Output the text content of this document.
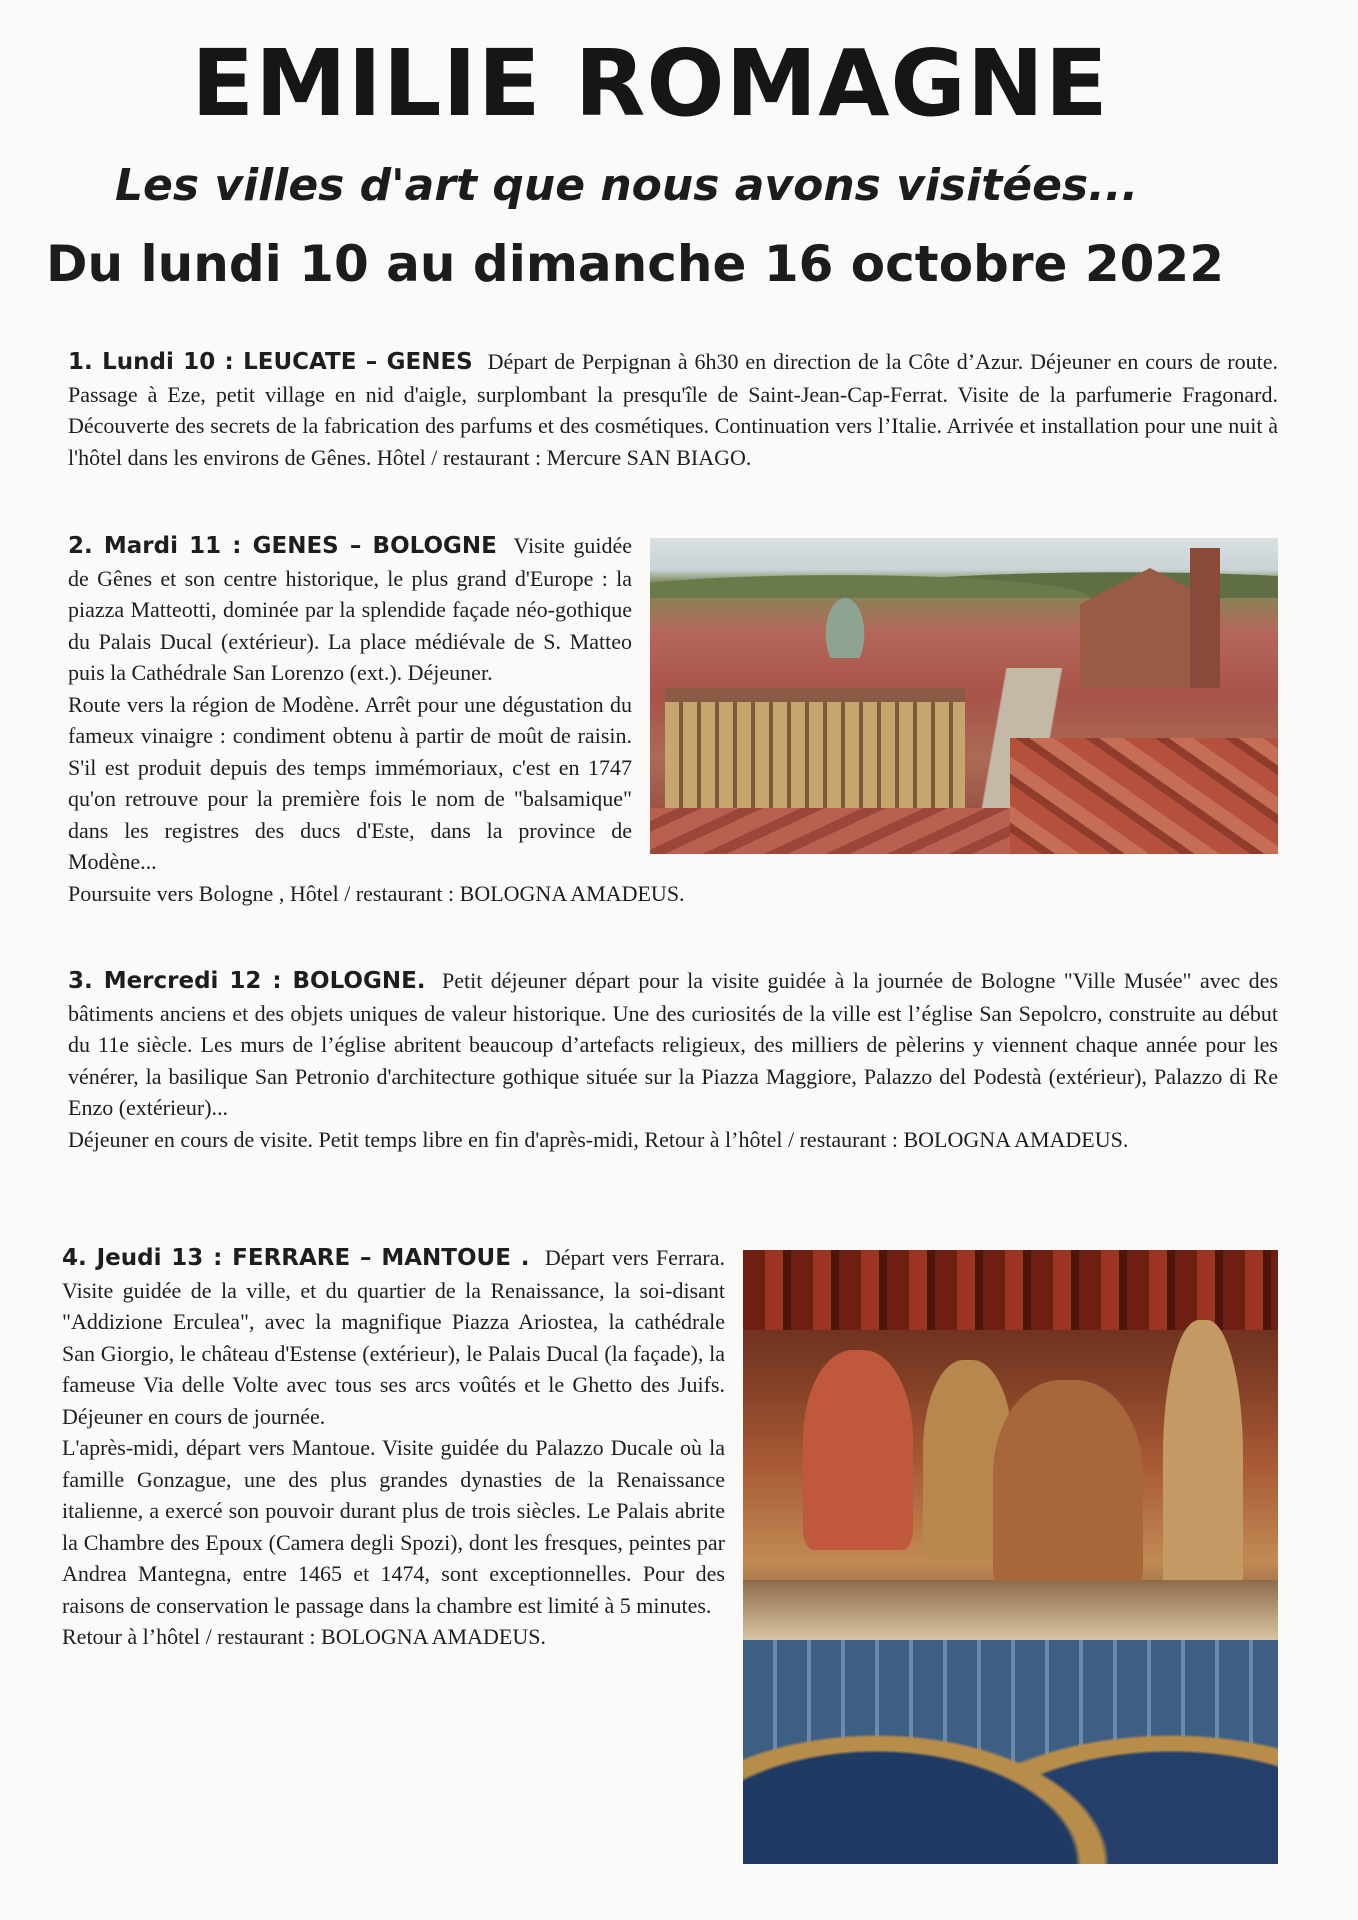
EMILIE ROMAGNE
Les villes d'art que nous avons visitées...
Du lundi 10 au dimanche 16 octobre 2022

1. Lundi 10 : LEUCATE – GENES Départ de Perpignan à 6h30 en direction de la Côte d’Azur. Déjeuner en cours de route. Passage à Eze, petit village en nid d'aigle, surplombant la presqu'île de Saint-Jean-Cap-Ferrat. Visite de la parfumerie Fragonard. Découverte des secrets de la fabrication des parfums et des cosmétiques. Continuation vers l’Italie. Arrivée et installation pour une nuit à l'hôtel dans les environs de Gênes. Hôtel / restaurant : Mercure SAN BIAGO.

2. Mardi 11 : GENES – BOLOGNE Visite guidée de Gênes et son centre historique, le plus grand d'Europe : la piazza Matteotti, dominée par la splendide façade néo-gothique du Palais Ducal (extérieur). La place médiévale de S. Matteo puis la Cathédrale San Lorenzo (ext.). Déjeuner.

Route vers la région de Modène. Arrêt pour une dégustation du fameux vinaigre : condiment obtenu à partir de moût de raisin. S'il est produit depuis des temps immémoriaux, c'est en 1747 qu'on retrouve pour la première fois le nom de "balsamique" dans les registres des ducs d'Este, dans la province de Modène...

Poursuite vers Bologne , Hôtel / restaurant : BOLOGNA AMADEUS.

3. Mercredi 12 : BOLOGNE. Petit déjeuner départ pour la visite guidée à la journée de Bologne "Ville Musée" avec des bâtiments anciens et des objets uniques de valeur historique. Une des curiosités de la ville est l’église San Sepolcro, construite au début du 11e siècle. Les murs de l’église abritent beaucoup d’artefacts religieux, des milliers de pèlerins y viennent chaque année pour les vénérer, la basilique San Petronio d'architecture gothique située sur la Piazza Maggiore, Palazzo del Podestà (extérieur), Palazzo di Re Enzo (extérieur)...

Déjeuner en cours de visite. Petit temps libre en fin d'après-midi, Retour à l’hôtel / restaurant : BOLOGNA AMADEUS.

4. Jeudi 13 : FERRARE – MANTOUE . Départ vers Ferrara. Visite guidée de la ville, et du quartier de la Renaissance, la soi-disant "Addizione Erculea", avec la magnifique Piazza Ariostea, la cathédrale San Giorgio, le château d'Estense (extérieur), le Palais Ducal (la façade), la fameuse Via delle Volte avec tous ses arcs voûtés et le Ghetto des Juifs. Déjeuner en cours de journée.

L'après-midi, départ vers Mantoue. Visite guidée du Palazzo Ducale où la famille Gonzague, une des plus grandes dynasties de la Renaissance italienne, a exercé son pouvoir durant plus de trois siècles. Le Palais abrite la Chambre des Epoux (Camera degli Spozi), dont les fresques, peintes par Andrea Mantegna, entre 1465 et 1474, sont exceptionnelles. Pour des raisons de conservation le passage dans la chambre est limité à 5 minutes.

Retour à l’hôtel / restaurant : BOLOGNA AMADEUS.
